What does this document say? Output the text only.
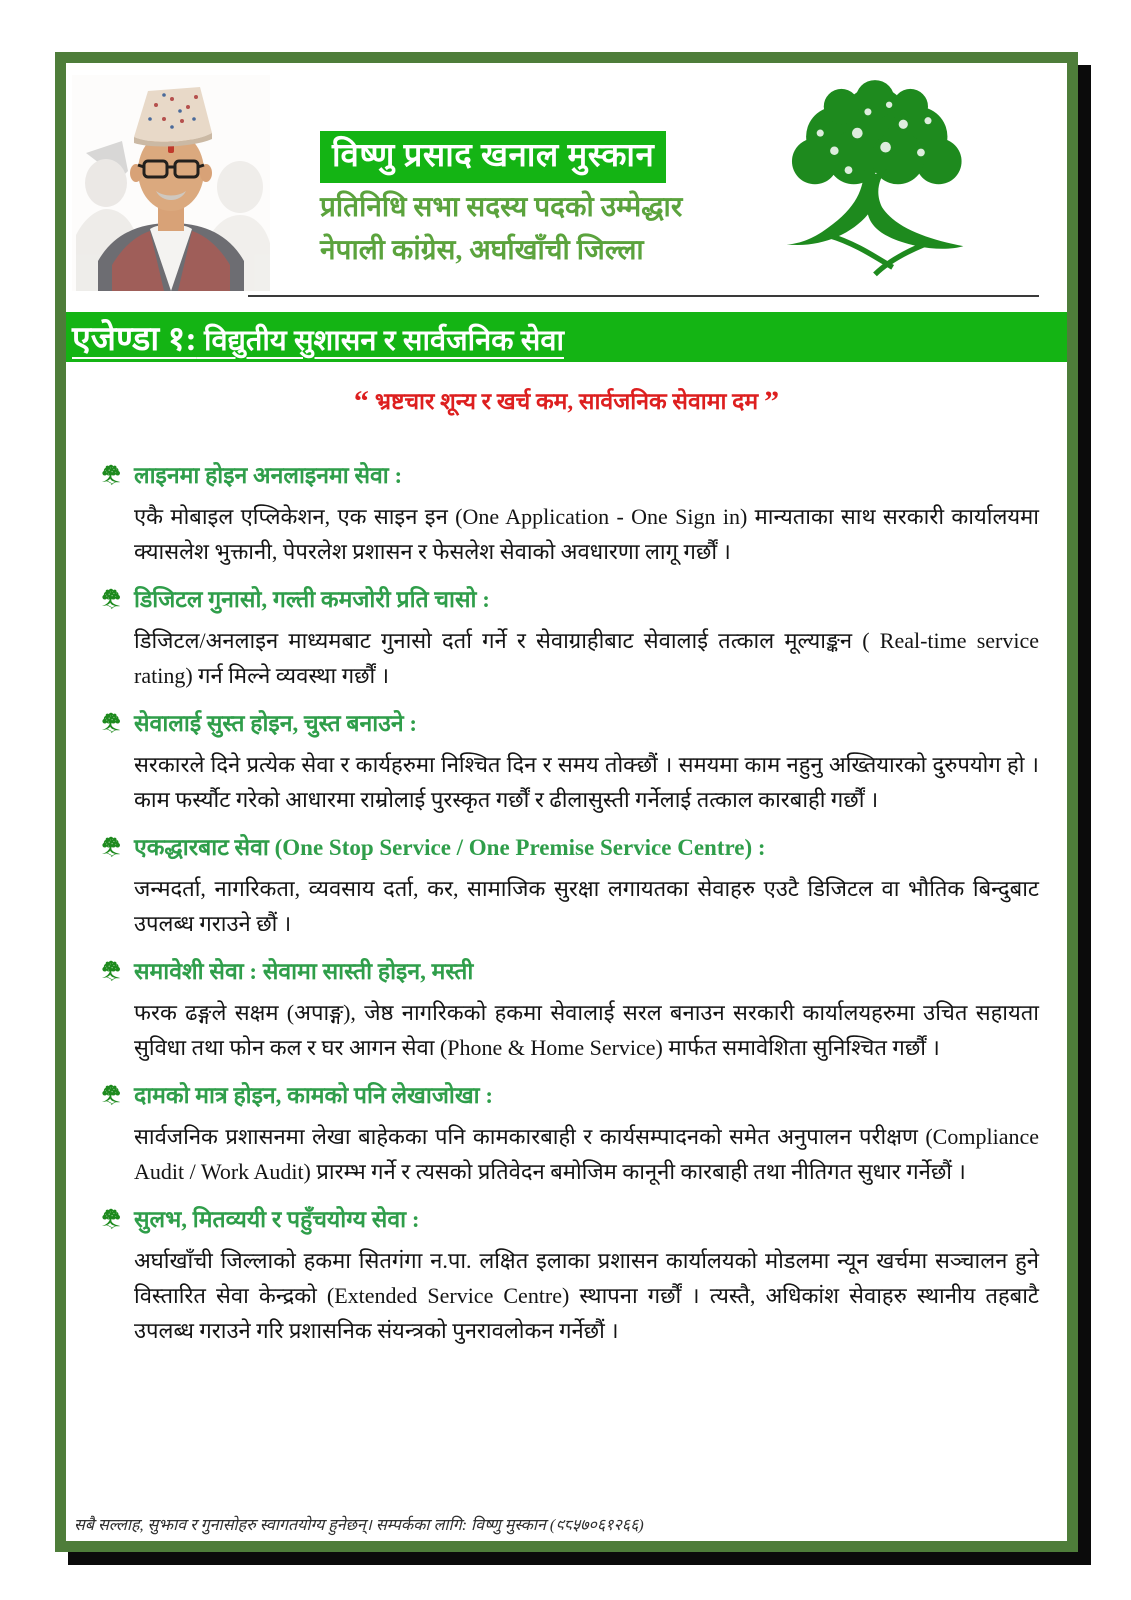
विष्णु प्रसाद खनाल मुस्कान
प्रतिनिधि सभा सदस्य पदको उम्मेद्धार
नेपाली कांग्रेस, अर्घाखाँची जिल्ला
एजेण्डा १: विद्युतीय सुशासन र सार्वजनिक सेवा
“ भ्रष्टचार शून्य र खर्च कम, सार्वजनिक सेवामा दम ”
लाइनमा होइन अनलाइनमा सेवा :
एकै मोबाइल एप्लिकेशन, एक साइन इन (One Application - One Sign in) मान्यताका साथ सरकारी कार्यालयमा क्यासलेश भुक्तानी, पेपरलेश प्रशासन र फेसलेश सेवाको अवधारणा लागू गर्छौं ।
डिजिटल गुनासो, गल्ती कमजोरी प्रति चासो :
डिजिटल/अनलाइन माध्यमबाट गुनासो दर्ता गर्ने र सेवाग्राहीबाट सेवालाई तत्काल मूल्याङ्कन ( Real-time service rating) गर्न मिल्ने व्यवस्था गर्छौं ।
सेवालाई सुस्त होइन, चुस्त बनाउने :
सरकारले दिने प्रत्येक सेवा र कार्यहरुमा निश्चित दिन र समय तोक्छौं । समयमा काम नहुनु अख्तियारको दुरुपयोग हो । काम फर्स्यौट गरेको आधारमा राम्रोलाई पुरस्कृत गर्छौं र ढीलासुस्ती गर्नेलाई तत्काल कारबाही गर्छौं ।
एकद्धारबाट सेवा (One Stop Service / One Premise Service Centre) :
जन्मदर्ता, नागरिकता, व्यवसाय दर्ता, कर, सामाजिक सुरक्षा लगायतका सेवाहरु एउटै डिजिटल वा भौतिक बिन्दुबाट उपलब्ध गराउने छौं ।
समावेशी सेवा : सेवामा सास्ती होइन, मस्ती
फरक ढङ्गले सक्षम (अपाङ्ग), जेष्ठ नागरिकको हकमा सेवालाई सरल बनाउन सरकारी कार्यालयहरुमा उचित सहायता सुविधा तथा फोन कल र घर आगन सेवा (Phone & Home Service) मार्फत समावेशिता सुनिश्चित गर्छौं ।
दामको मात्र होइन, कामको पनि लेखाजोखा :
सार्वजनिक प्रशासनमा लेखा बाहेकका पनि कामकारबाही र कार्यसम्पादनको समेत अनुपालन परीक्षण (Compliance Audit / Work Audit) प्रारम्भ गर्ने र त्यसको प्रतिवेदन बमोजिम कानूनी कारबाही तथा नीतिगत सुधार गर्नेछौं ।
सुलभ, मितव्ययी र पहुँचयोग्य सेवा :
अर्घाखाँची जिल्लाको हकमा सितगंगा न.पा. लक्षित इलाका प्रशासन कार्यालयको मोडलमा न्यून खर्चमा सञ्चालन हुने विस्तारित सेवा केन्द्रको (Extended Service Centre) स्थापना गर्छौं । त्यस्तै, अधिकांश सेवाहरु स्थानीय तहबाटै उपलब्ध गराउने गरि प्रशासनिक संयन्त्रको पुनरावलोकन गर्नेछौं ।
सबै सल्लाह, सुझाव र गुनासोहरु स्वागतयोग्य हुनेछन्। सम्पर्कका लागि: विष्णु मुस्कान (९८५७०६१२६६)
